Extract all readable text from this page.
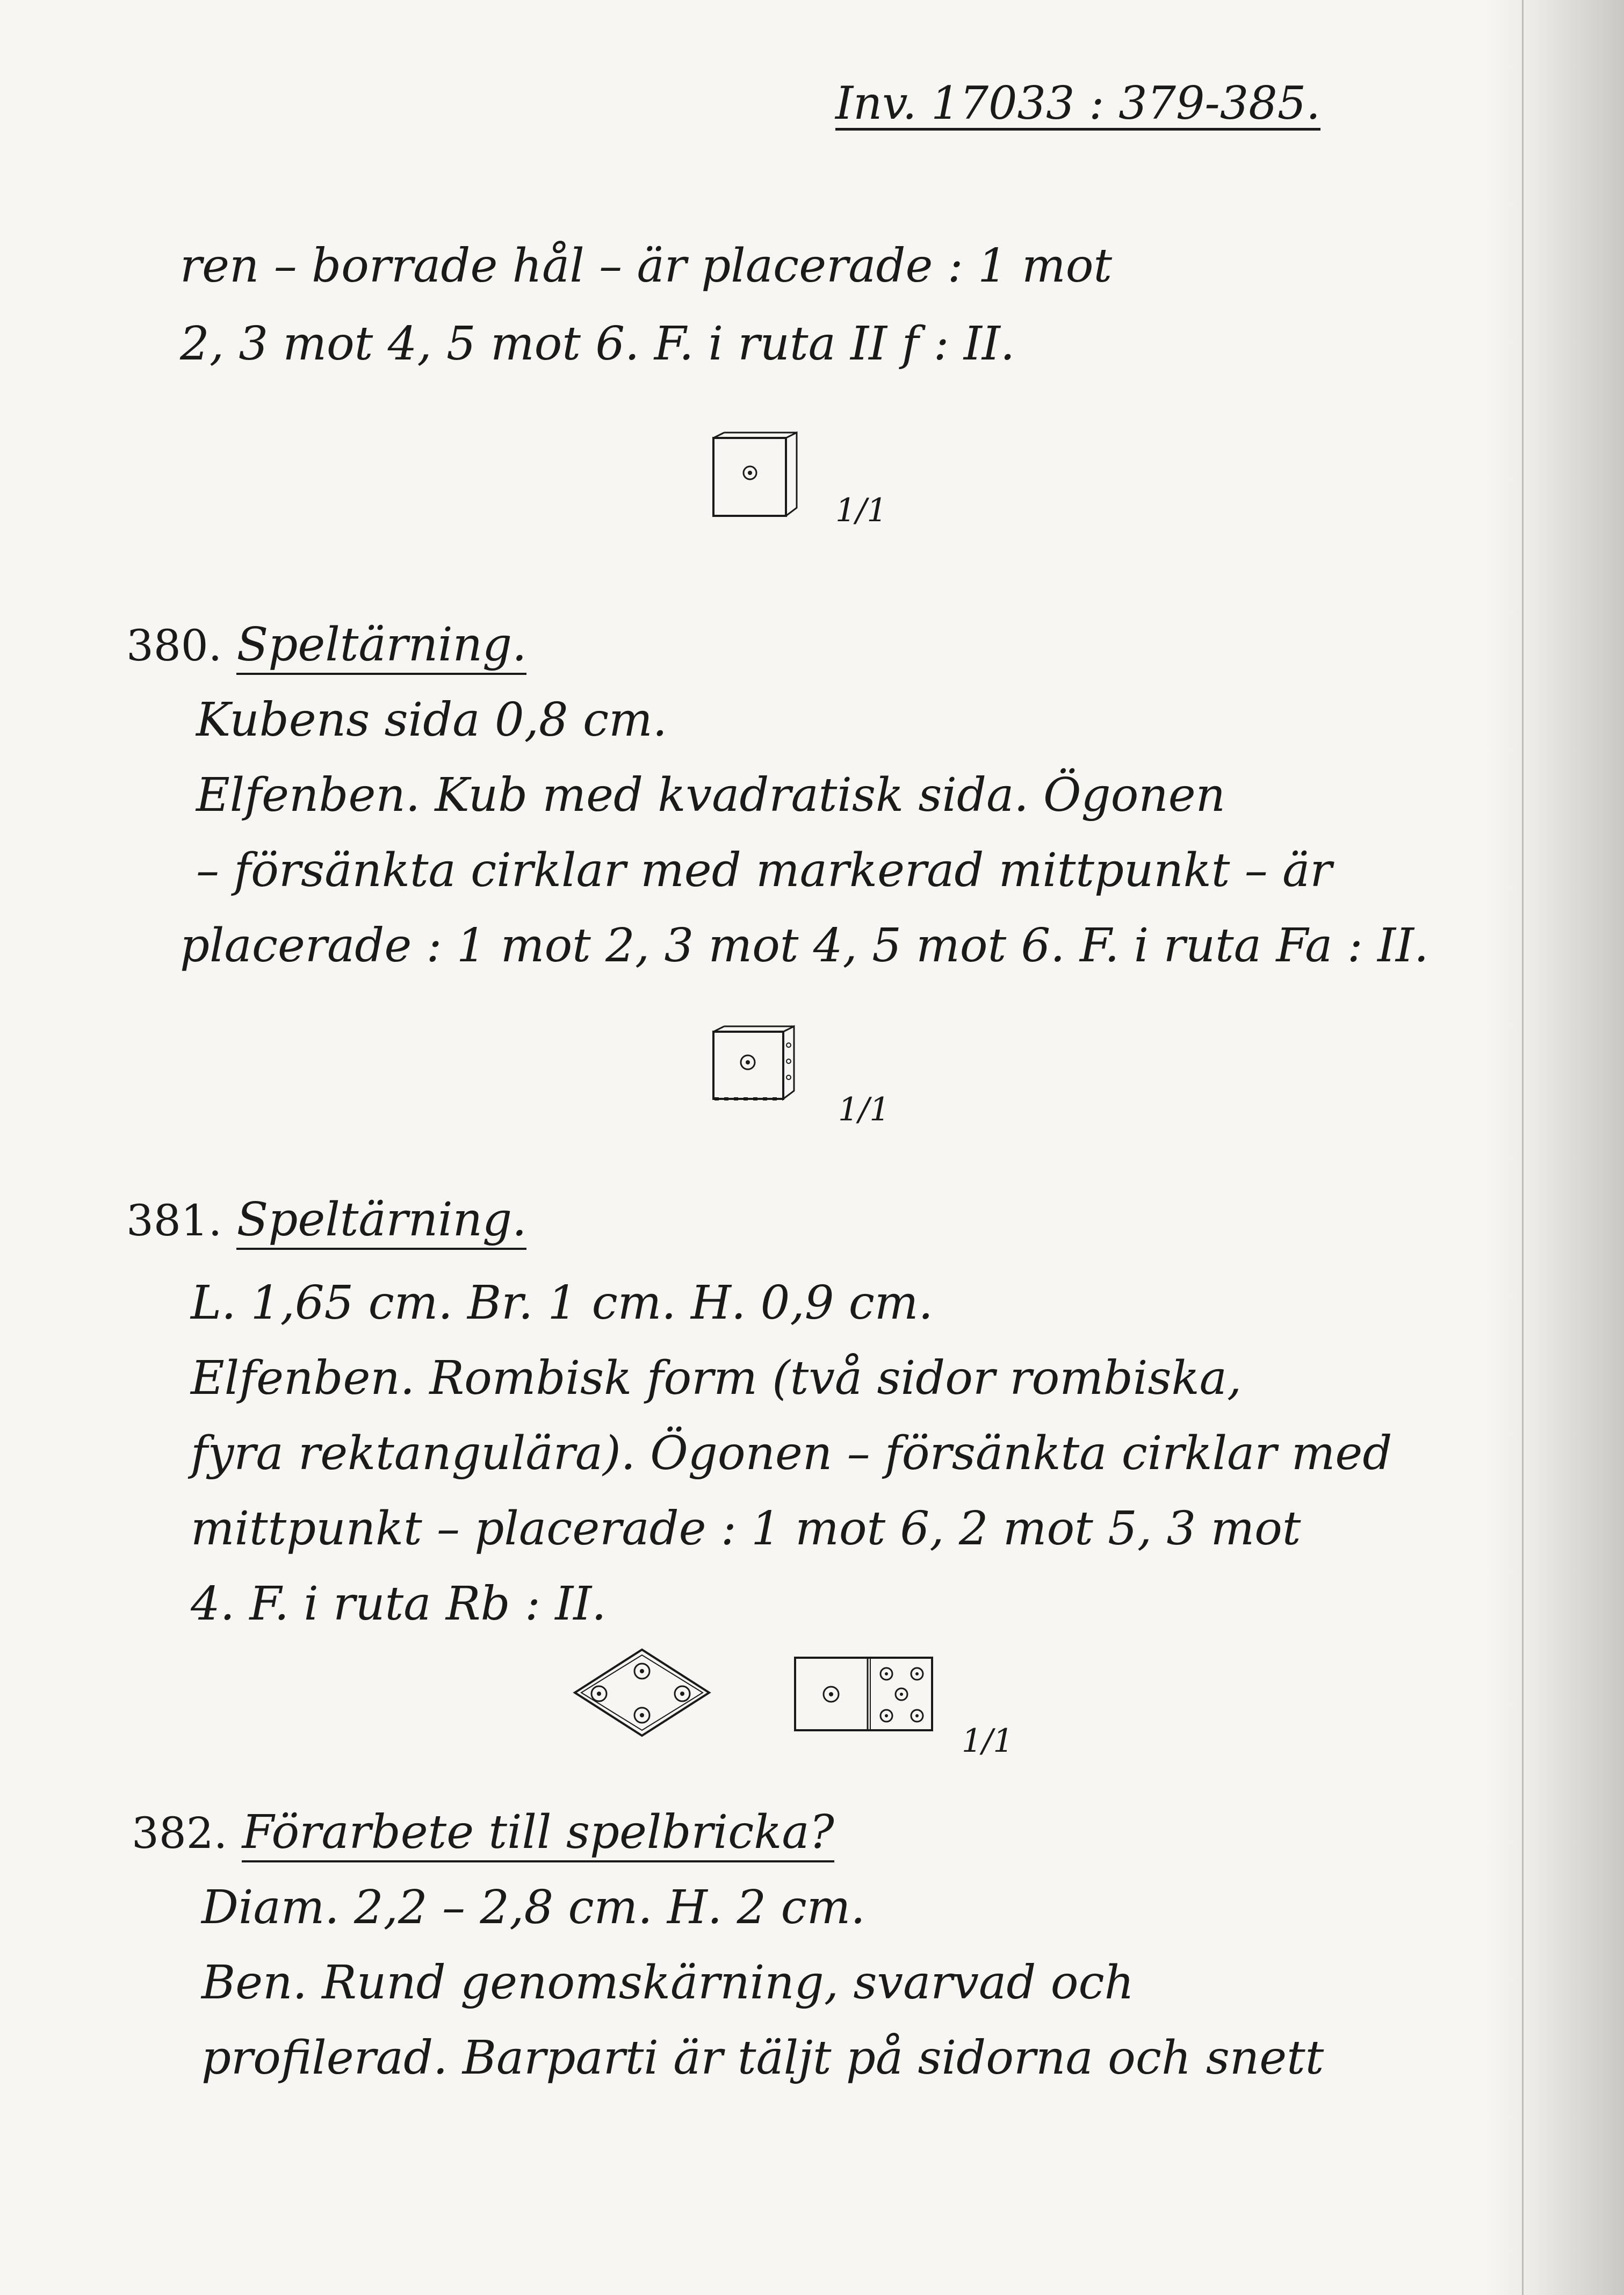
Inv. 17033 : 379-385.
ren – borrade hål – är placerade : 1 mot
2, 3 mot 4, 5 mot 6. F. i ruta II f : II.
1/1
380. Speltärning.
Kubens sida 0,8 cm.
Elfenben. Kub med kvadratisk sida. Ögonen
– försänkta cirklar med markerad mittpunkt – är
placerade : 1 mot 2, 3 mot 4, 5 mot 6. F. i ruta Fa : II.
1/1
381. Speltärning.
L. 1,65 cm. Br. 1 cm. H. 0,9 cm.
Elfenben. Rombisk form (två sidor rombiska,
fyra rektangulära). Ögonen – försänkta cirklar med
mittpunkt – placerade : 1 mot 6, 2 mot 5, 3 mot
4. F. i ruta Rb : II.
1/1
382. Förarbete till spelbricka?
Diam. 2,2 – 2,8 cm. H. 2 cm.
Ben. Rund genomskärning, svarvad och
profilerad. Barparti är täljt på sidorna och snett
